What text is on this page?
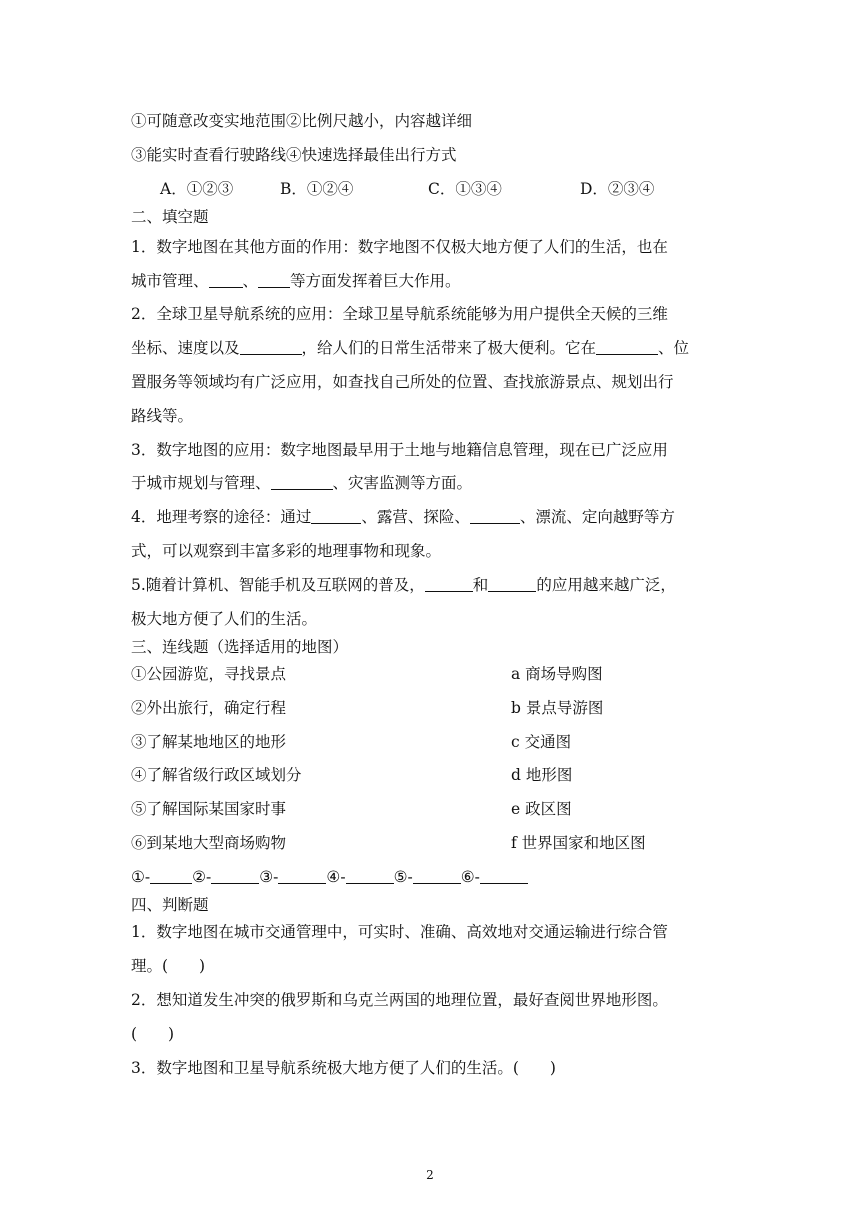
①可随意改变实地范围②比例尺越小，内容越详细
③能实时查看行驶路线④快速选择最佳出行方式
A．①②③	B．①②④	C．①③④	D．②③④
二、填空题
1．数字地图在其他方面的作用：数字地图不仅极大地方便了人们的生活，也在
城市管理、 、 等方面发挥着巨大作用。
2．全球卫星导航系统的应用：全球卫星导航系统能够为用户提供全天候的三维
坐标、速度以及	，给人们的日常生活带来了极大便利。它在	、位
置服务等领域均有广泛应用，如查找自己所处的位置、查找旅游景点、规划出行
路线等。
3．数字地图的应用：数字地图最早用于土地与地籍信息管理，现在已广泛应用
于城市规划与管理、	、灾害监测等方面。
4．地理考察的途径：通过	、露营、探险、	、漂流、定向越野等方
式，可以观察到丰富多彩的地理事物和现象。
5.随着计算机、智能手机及互联网的普及，	和	的应用越来越广泛，
极大地方便了人们的生活。
三、连线题（选择适用的地图）
①公园游览，寻找景点	a 商场导购图
②外出旅行，确定行程	b 景点导游图
③了解某地地区的地形	c 交通图
④了解省级行政区域划分	d 地形图
⑤了解国际某国家时事	e 政区图
⑥到某地大型商场购物	f 世界国家和地区图
①-	②-	③-	④-	⑤-	⑥-
四、判断题
1．数字地图在城市交通管理中，可实时、准确、高效地对交通运输进行综合管
理。(　　)
2．想知道发生冲突的俄罗斯和乌克兰两国的地理位置，最好查阅世界地形图。
(　　)
3．数字地图和卫星导航系统极大地方便了人们的生活。(　　)
2
